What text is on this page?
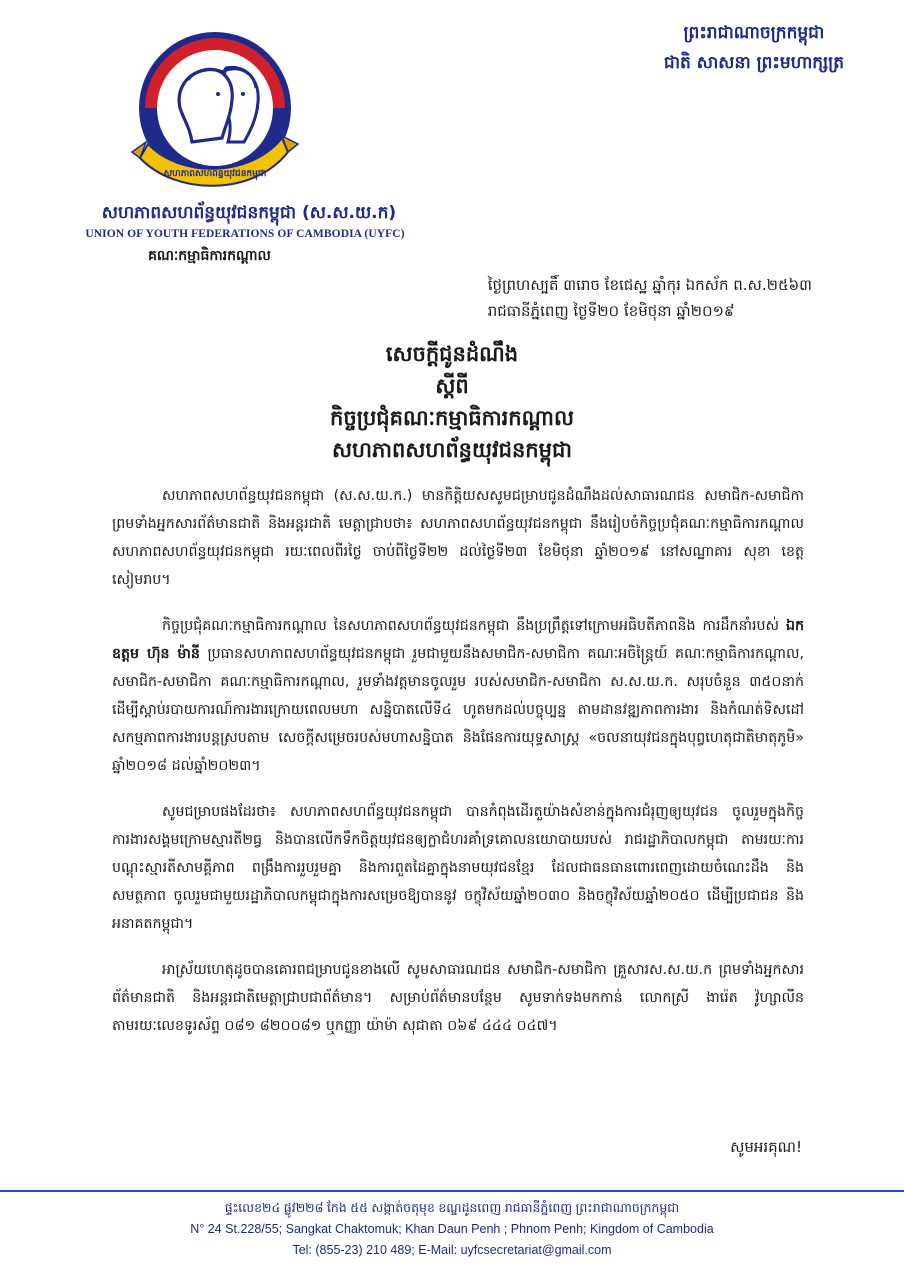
សហភាពសហព័ន្ធយុវជនកម្ពុជា
សហភាពសហព័ន្ធយុវជនកម្ពុជា (ស.ស.យ.ក)
UNION OF YOUTH FEDERATIONS OF CAMBODIA (UYFC)
គណៈកម្មាធិការកណ្ដាល
ព្រះរាជាណាចក្រកម្ពុជា
ជាតិ សាសនា ព្រះមហាក្សត្រ
ថ្ងៃព្រហស្បតិ៍ ៣រោច ខែជេស្ឋ ឆ្នាំកុរ ឯកស័ក ព.ស.២៥៦៣
រាជធានីភ្នំពេញ ថ្ងៃទី២០ ខែមិថុនា ឆ្នាំ២០១៩
សេចក្តីជូនដំណឹង
ស្តីពី
កិច្ចប្រជុំគណៈកម្មាធិការកណ្តាល
សហភាពសហព័ន្ធយុវជនកម្ពុជា

សហភាពសហព័ន្ធយុវជនកម្ពុជា (ស.ស.យ.ក.) មានកិត្តិយសសូមជម្រាបជូនដំណឹងដល់សាធារណជន សមាជិក-សមាជិកា ព្រមទាំងអ្នកសារព័ត៌មានជាតិ និងអន្តរជាតិ មេត្តាជ្រាបថា៖ សហភាពសហព័ន្ធយុវជនកម្ពុជា នឹងរៀបចំកិច្ចប្រជុំគណៈកម្មាធិការកណ្តាលសហភាពសហព័ន្ធយុវជនកម្ពុជា រយៈពេលពីរថ្ងៃ ចាប់ពីថ្ងៃទី២២ ដល់ថ្ងៃទី២៣ ខែមិថុនា ឆ្នាំ២០១៩ នៅសណ្ឋាគារ សុខា ខេត្តសៀមរាប។

កិច្ចប្រជុំគណៈកម្មាធិការកណ្តាល នៃសហភាពសហព័ន្ធយុវជនកម្ពុជា នឹងប្រព្រឹត្តទៅក្រោមអធិបតីភាពនិង ការដឹកនាំរបស់ ឯកឧត្តម ហ៊ុន ម៉ានី ប្រធានសហភាពសហព័ន្ធយុវជនកម្ពុជា រួមជាមួយនឹងសមាជិក-សមាជិកា គណៈអចិន្ត្រៃយ៍ គណៈកម្មាធិការកណ្តាល, សមាជិក-សមាជិកា គណៈកម្មាធិការកណ្តាល, រួមទាំងវត្តមានចូលរួម របស់សមាជិក-សមាជិកា ស.ស.យ.ក. សរុបចំនួន ៣៥០នាក់ ដើម្បីស្តាប់របាយការណ៍ការងារក្រោយពេលមហា សន្និបាតលើទី៤ ហូតមកដល់បច្ចុប្បន្ន តាមដានវឌ្ឍភាពការងារ និងកំណត់ទិសដៅសកម្មភាពការងារបន្តស្របតាម សេចក្តីសម្រេចរបស់មហាសន្និបាត និងផែនការយុទ្ធសាស្ត្រ «ចលនាយុវជនក្នុងបុព្វហេតុជាតិមាតុភូមិ» ឆ្នាំ២០១៨ ដល់ឆ្នាំ២០២៣។

សូមជម្រាបផងដែរថា៖ សហភាពសហព័ន្ធយុវជនកម្ពុជា បានកំពុងដើរតួយ៉ាងសំខាន់ក្នុងការជំរុញឲ្យយុវជន ចូលរួមក្នុងកិច្ចការងារសង្គមក្រោមស្មារតី២ធ្វ និងបានលើកទឹកចិត្តយុវជនឲ្យក្លាជំហរគាំទ្រគោលនយោបាយរបស់ រាជរដ្ឋាភិបាលកម្ពុជា តាមរយៈការបណ្តុះស្មារតីសាមគ្គីភាព ពង្រឹងការរួបរួមគ្នា និងការពួតដៃគ្នាក្នុងនាមយុវជនខ្មែរ ដែលជាធនធានពោរពេញដោយចំណេះដឹង និងសមត្ថភាព ចូលរួមជាមួយរដ្ឋាភិបាលកម្ពុជាក្នុងការសម្រេចឱ្យបាននូវ ចក្ខុវិស័យឆ្នាំ២០៣០ និងចក្ខុវិស័យឆ្នាំ២០៥០ ដើម្បីប្រជាជន និងអនាគតកម្ពុជា។

អាស្រ័យហេតុដូចបានគោរពជម្រាបជូនខាងលើ សូមសាធារណជន សមាជិក-សមាជិកា គ្រួសារស.ស.យ.ក ព្រមទាំងអ្នកសារព័ត៌មានជាតិ និងអន្តរជាតិមេត្តាជ្រាបជាព័ត៌មាន។ សម្រាប់ព័ត៌មានបន្ថែម សូមទាក់ទងមកកាន់ លោកស្រី ងារ៉េត វ៉ូហ្សាលីន តាមរយៈលេខទូរស័ព្ទ ០៨១ ៨២០០៨១ ឬកញ្ញា យ៉ាម៉ា សុជាតា ០៦៩ ៤៤៤ ០៤៧។

សូមអរគុណ!
ផ្ទះលេខ២៤ ផ្លូវ២២៨ កែង ៥៥ សង្កាត់ចតុមុខ ខណ្ឌដូនពេញ រាជធានីភ្នំពេញ ព្រះរាជាណាចក្រកម្ពុជា
N° 24 St.228/55; Sangkat Chaktomuk; Khan Daun Penh ; Phnom Penh; Kingdom of Cambodia
Tel: (855-23) 210 489; E-Mail: uyfcsecretariat@gmail.com
